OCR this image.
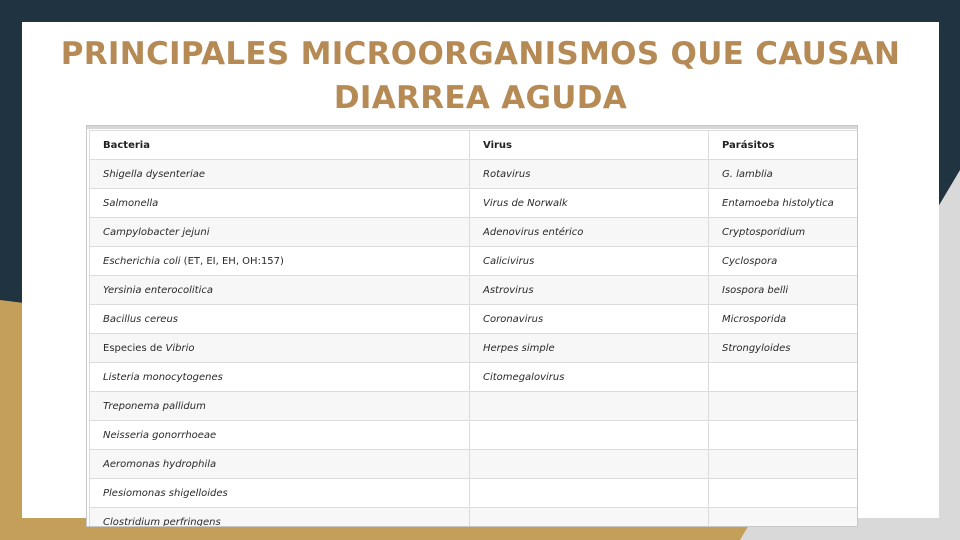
PRINCIPALES MICROORGANISMOS QUE CAUSAN DIARREA AGUDA
Bacteria	Virus	Parásitos
Shigella dysenteriae	Rotavirus	G. lamblia
Salmonella	Virus de Norwalk	Entamoeba histolytica
Campylobacter jejuni	Adenovirus entérico	Cryptosporidium
Escherichia coli (ET, EI, EH, OH:157)	Calicivirus	Cyclospora
Yersinia enterocolitica	Astrovirus	Isospora belli
Bacillus cereus	Coronavirus	Microsporida
Especies de Vibrio	Herpes simple	Strongyloides
Listeria monocytogenes	Citomegalovirus	
Treponema pallidum		
Neisseria gonorrhoeae		
Aeromonas hydrophila		
Plesiomonas shigelloides		
Clostridium perfringens		
